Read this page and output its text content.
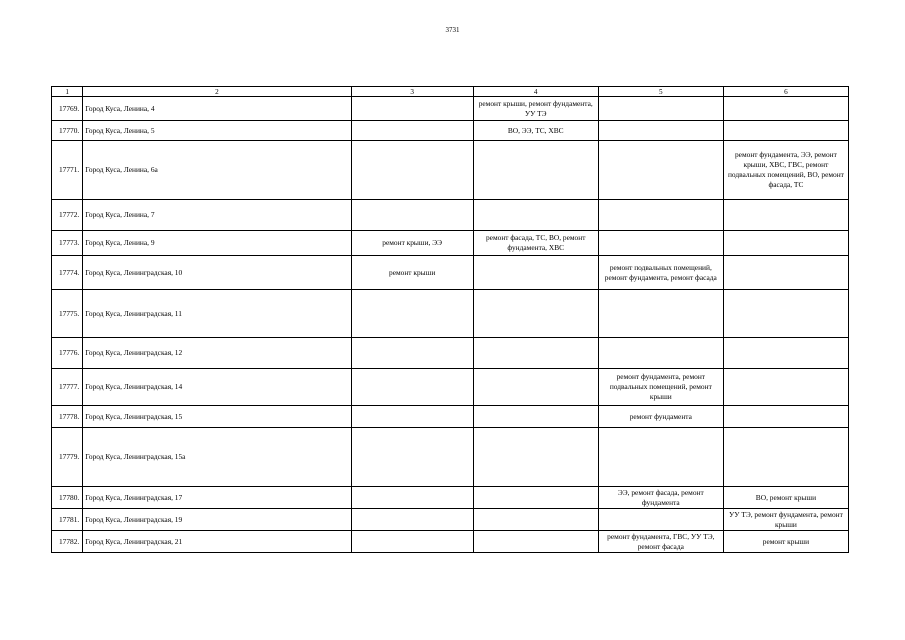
3731
1	2	3	4	5	6
17769.	Город Куса, Ленина, 4		ремонт крыши, ремонт фундамента, УУ ТЭ		
17770.	Город Куса, Ленина, 5		ВО, ЭЭ, ТС, ХВС		
17771.	Город Куса, Ленина, 6а				ремонт фундамента, ЭЭ, ремонт крыши, ХВС, ГВС, ремонт подвальных помещений, ВО, ремонт фасада, ТС
17772.	Город Куса, Ленина, 7				
17773.	Город Куса, Ленина, 9	ремонт крыши, ЭЭ	ремонт фасада, ТС, ВО, ремонт фундамента, ХВС		
17774.	Город Куса, Ленинградская, 10	ремонт крыши		ремонт подвальных помещений, ремонт фундамента, ремонт фасада	
17775.	Город Куса, Ленинградская, 11				
17776.	Город Куса, Ленинградская, 12				
17777.	Город Куса, Ленинградская, 14			ремонт фундамента, ремонт подвальных помещений, ремонт крыши	
17778.	Город Куса, Ленинградская, 15			ремонт фундамента	
17779.	Город Куса, Ленинградская, 15а				
17780.	Город Куса, Ленинградская, 17			ЭЭ, ремонт фасада, ремонт фундамента	ВО, ремонт крыши
17781.	Город Куса, Ленинградская, 19				УУ ТЭ, ремонт фундамента, ремонт крыши
17782.	Город Куса, Ленинградская, 21			ремонт фундамента, ГВС, УУ ТЭ, ремонт фасада	ремонт крыши
